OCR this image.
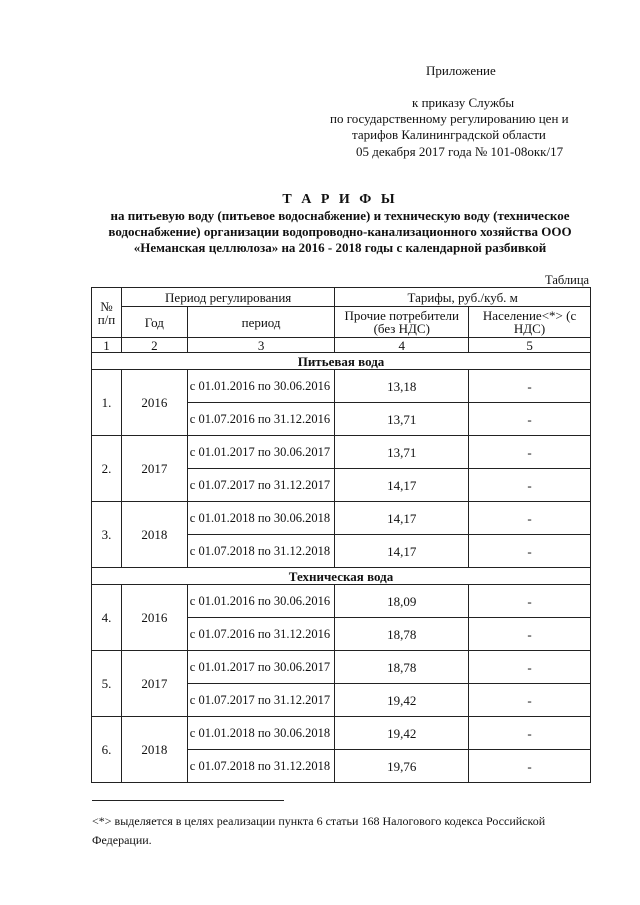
Приложение
к приказу Службы
по государственному регулированию цен и
тарифов Калининградской области
05 декабря 2017 года № 101-08окк/17
Т А Р И Ф Ы
на питьевую воду (питьевое водоснабжение) и техническую воду (техническое
водоснабжение) организации водопроводно-канализационного хозяйства ООО
«Неманская целлюлоза» на 2016 - 2018 годы с календарной разбивкой
Таблица
№ п/п	Период регулирования		Тарифы, руб./куб. м	
	Год	период	Прочие потребители (без НДС)	Население<*> (с НДС)
1	2	3	4	5
Питьевая вода				
1.	2016	с 01.01.2016 по 30.06.2016	13,18	-
		с 01.07.2016 по 31.12.2016	13,71	-
2.	2017	с 01.01.2017 по 30.06.2017	13,71	-
		с 01.07.2017 по 31.12.2017	14,17	-
3.	2018	с 01.01.2018 по 30.06.2018	14,17	-
		с 01.07.2018 по 31.12.2018	14,17	-
Техническая вода				
4.	2016	с 01.01.2016 по 30.06.2016	18,09	-
		с 01.07.2016 по 31.12.2016	18,78	-
5.	2017	с 01.01.2017 по 30.06.2017	18,78	-
		с 01.07.2017 по 31.12.2017	19,42	-
6.	2018	с 01.01.2018 по 30.06.2018	19,42	-
		с 01.07.2018 по 31.12.2018	19,76	-
<*> выделяется в целях реализации пункта 6 статьи 168 Налогового кодекса Российской Федерации.
